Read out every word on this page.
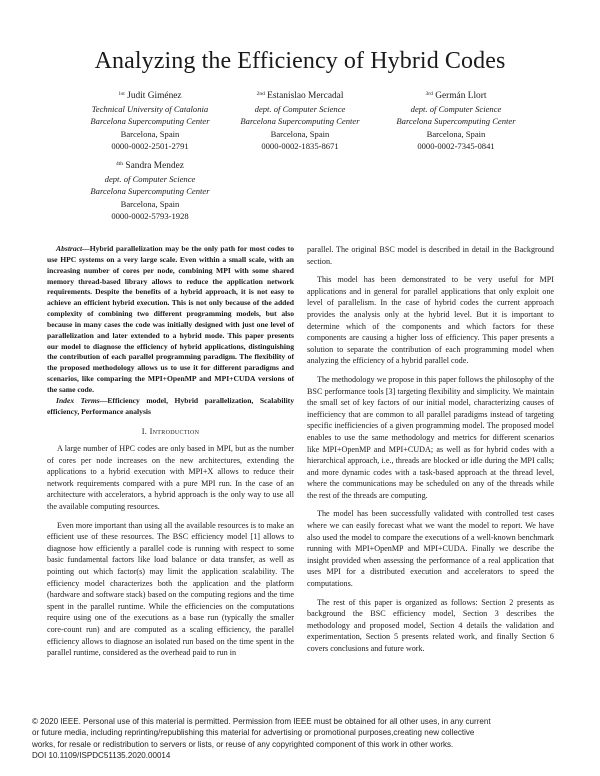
Analyzing the Efficiency of Hybrid Codes
$^{1st}$ Judit Giménez
Technical University of Catalonia
Barcelona Supercomputing Center
Barcelona, Spain
0000-0002-2501-2791
$^{2nd}$ Estanislao Mercadal
dept. of Computer Science
Barcelona Supercomputing Center
Barcelona, Spain
0000-0002-1835-8671
$^{3rd}$ Germán Llort
dept. of Computer Science
Barcelona Supercomputing Center
Barcelona, Spain
0000-0002-7345-0841
$^{4th}$ Sandra Mendez
dept. of Computer Science
Barcelona Supercomputing Center
Barcelona, Spain
0000-0002-5793-1928

Abstract—Hybrid parallelization may be the only path for most codes to use HPC systems on a very large scale. Even within a small scale, with an increasing number of cores per node, combining MPI with some shared memory thread-based library allows to reduce the application network requirements. Despite the benefits of a hybrid approach, it is not easy to achieve an efficient hybrid execution. This is not only because of the added complexity of combining two different programming models, but also because in many cases the code was initially designed with just one level of parallelization and later extended to a hybrid mode. This paper presents our model to diagnose the efficiency of hybrid applications, distinguishing the contribution of each parallel programming paradigm. The flexibility of the proposed methodology allows us to use it for different paradigms and scenarios, like comparing the MPI+OpenMP and MPI+CUDA versions of the same code.

Index Terms—Efficiency model, Hybrid parallelization, Scalability efficiency, Performance analysis

I. Introduction

A large number of HPC codes are only based in MPI, but as the number of cores per node increases on the new architectures, extending the applications to a hybrid execution with MPI+X allows to reduce their network requirements compared with a pure MPI run. In the case of an architecture with accelerators, a hybrid approach is the only way to use all the available computing resources.

Even more important than using all the available resources is to make an efficient use of these resources. The BSC efficiency model [1] allows to diagnose how efficiently a parallel code is running with respect to some basic fundamental factors like load balance or data transfer, as well as pointing out which factor(s) may limit the application scalability. The efficiency model characterizes both the application and the platform (hardware and software stack) based on the computing regions and the time spent in the parallel runtime. While the efficiencies on the computations require using one of the executions as a base run (typically the smaller core-count run) and are computed as a scaling efficiency, the parallel efficiency allows to diagnose an isolated run based on the time spent in the parallel runtime, considered as the overhead paid to run in

parallel. The original BSC model is described in detail in the Background section.

This model has been demonstrated to be very useful for MPI applications and in general for parallel applications that only exploit one level of parallelism. In the case of hybrid codes the current approach provides the analysis only at the hybrid level. But it is important to determine which of the components and which factors for these components are causing a higher loss of efficiency. This paper presents a solution to separate the contribution of each programming model when analyzing the efficiency of a hybrid parallel code.

The methodology we propose in this paper follows the philosophy of the BSC performance tools [3] targeting flexibility and simplicity. We maintain the small set of key factors of our initial model, characterizing causes of inefficiency that are common to all parallel paradigms instead of targeting specific inefficiencies of a given programming model. The proposed model enables to use the same methodology and metrics for different scenarios like MPI+OpenMP and MPI+CUDA; as well as for hybrid codes with a hierarchical approach, i.e., threads are blocked or idle during the MPI calls; and more dynamic codes with a task-based approach at the thread level, where the communications may be scheduled on any of the threads while the rest of the threads are computing.

The model has been successfully validated with controlled test cases where we can easily forecast what we want the model to report. We have also used the model to compare the executions of a well-known benchmark running with MPI+OpenMP and MPI+CUDA. Finally we describe the insight provided when assessing the performance of a real application that uses MPI for a distributed execution and accelerators to speed the computations.

The rest of this paper is organized as follows: Section 2 presents as background the BSC efficiency model, Section 3 describes the methodology and proposed model, Section 4 details the validation and experimentation, Section 5 presents related work, and finally Section 6 covers conclusions and future work.

© 2020 IEEE. Personal use of this material is permitted. Permission from IEEE must be obtained for all other uses, in any current
or future media, including reprinting/republishing this material for advertising or promotional purposes,creating new collective
works, for resale or redistribution to servers or lists, or reuse of any copyrighted component of this work in other works.
DOI 10.1109/ISPDC51135.2020.00014
